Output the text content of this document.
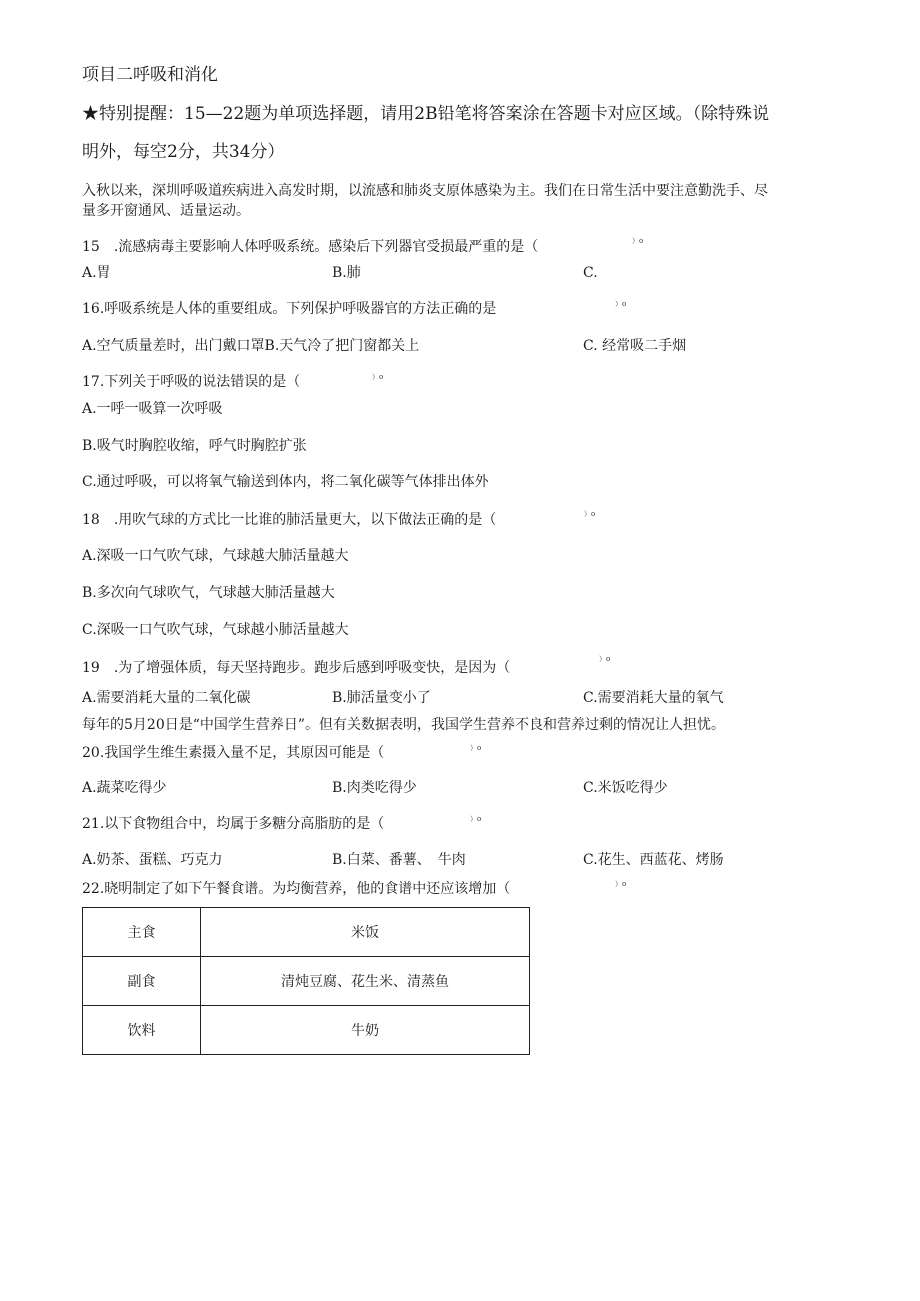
项目二呼吸和消化
★特别提醒：15—22题为单项选择题，请用2B铅笔将答案涂在答题卡对应区域。（除特殊说
明外，每空2分，共34分）
入秋以来，深圳呼吸道疾病进入高发时期，以流感和肺炎支原体感染为主。我们在日常生活中要注意勤洗手、尽
量多开窗通风、适量运动。
15　.流感病毒主要影响人体呼吸系统。感染后下列器官受损最严重的是（	）o
A.胃	B.肺	C.
16.呼吸系统是人体的重要组成。下列保护呼吸器官的方法正确的是	）o
A.空气质量差时，出门戴口罩B.天气冷了把门窗都关上	C. 经常吸二手烟
17.下列关于呼吸的说法错误的是（	）o
A.一呼一吸算一次呼吸
B.吸气时胸腔收缩，呼气时胸腔扩张
C.通过呼吸，可以将氧气输送到体内，将二氧化碳等气体排出体外
18　.用吹气球的方式比一比谁的肺活量更大，以下做法正确的是（	）o
A.深吸一口气吹气球，气球越大肺活量越大
B.多次向气球吹气，气球越大肺活量越大
C.深吸一口气吹气球，气球越小肺活量越大
19　.为了增强体质，每天坚持跑步。跑步后感到呼吸变快，是因为（
）o
A.需要消耗大量的二氧化碳	B.肺活量变小了	C.需要消耗大量的氧气
每年的5月20日是“中国学生营养日”。但有关数据表明，我国学生营养不良和营养过剩的情况让人担忧。
20.我国学生维生素摄入量不足，其原因可能是（	）o
A.蔬菜吃得少	B.肉类吃得少	C.米饭吃得少
21.以下食物组合中，均属于多糖分高脂肪的是（	）o
A.奶茶、蛋糕、巧克力	B.白菜、番薯、　牛肉	C.花生、西蓝花、烤肠
22.晓明制定了如下午餐食谱。为均衡营养，他的食谱中还应该增加（	）o
主食	米饭
副食	清炖豆腐、花生米、清蒸鱼
饮料	牛奶
